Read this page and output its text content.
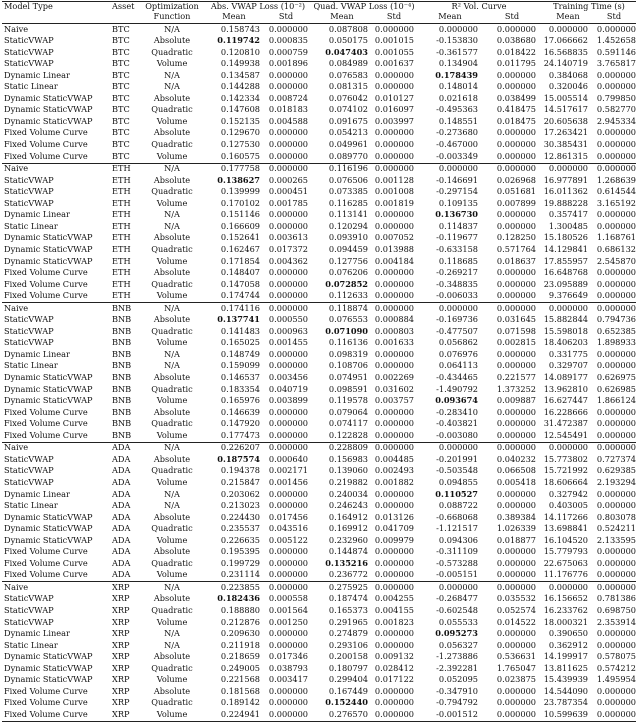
Model Type	Asset	Optimization
Function
Abs. VWAP Loss (10⁻²)	Quad. VWAP Loss (10⁻⁴)	R² Vol. Curve	Training Time (s)
Mean	Std	Mean	Std	Mean	Std	Mean	Std
Naive	BTC	N/A	0.158743	0.000000	0.087808 0.000000	0.000000	0.000000	0.000000	0.000000
StaticVWAP	BTC	Absolute	0.119742	0.000835	0.050175 0.001015	-0.153830	0.038680 17.066662	1.452658
StaticVWAP	BTC	Quadratic	0.120810	0.000759	0.047403 0.001055	-0.361577	0.018422 16.568835	0.591146
StaticVWAP	BTC	Volume	0.149938	0.001896	0.084989 0.001637	0.134904	0.011795 24.140719	3.765817
Dynamic Linear	BTC	N/A	0.134587	0.000000	0.076583 0.000000	0.178439	0.000000	0.384068	0.000000
Static Linear	BTC	N/A	0.144288	0.000000	0.081315 0.000000	0.148014	0.000000	0.320046	0.000000
Dynamic StaticVWAP BTC	Absolute	0.142334	0.008724	0.076042 0.010127	0.021618	0.038499 15.005514	0.799850
Dynamic StaticVWAP BTC	Quadratic	0.147608	0.018183	0.074102 0.016097	-0.495363	0.418475 14.517617	0.582770
Dynamic StaticVWAP BTC	Volume	0.152135	0.004588	0.091675 0.003997	0.148551	0.018475 20.605638	2.945334
Fixed Volume Curve	BTC	Absolute	0.129670	0.000000	0.054213 0.000000	-0.273680	0.000000 17.263421	0.000000
Fixed Volume Curve	BTC	Quadratic	0.127530	0.000000	0.049961 0.000000	-0.467000	0.000000 30.385431	0.000000
Fixed Volume Curve	BTC	Volume	0.160575	0.000000	0.089770 0.000000	-0.003349	0.000000 12.861315	0.000000
Naive	ETH	N/A	0.177758	0.000000	0.116196 0.000000	0.000000	0.000000	0.000000	0.000000
StaticVWAP	ETH	Absolute	0.138627	0.000265	0.076506 0.001128	-0.146691	0.026968 16.977891	1.268639
StaticVWAP	ETH	Quadratic	0.139999	0.000451	0.073385 0.001008	-0.297154	0.051681 16.011362	0.614544
StaticVWAP	ETH	Volume	0.170102	0.001785	0.116285 0.001819	0.109135	0.007899 19.888228	3.165192
Dynamic Linear	ETH	N/A	0.151146	0.000000	0.113141 0.000000	0.136730	0.000000	0.357417	0.000000
Static Linear	ETH	N/A	0.166609	0.000000	0.120294 0.000000	0.114837	0.000000	1.300485	0.000000
Dynamic StaticVWAP ETH	Absolute	0.152641	0.003613	0.093910 0.007052	-0.119677	0.128250 15.180526	1.168761
Dynamic StaticVWAP ETH	Quadratic	0.162467	0.017372	0.094459 0.013988	-0.633158	0.571764 14.129841	0.686132
Dynamic StaticVWAP ETH	Volume	0.171854	0.004362	0.127756 0.004184	0.118685	0.018637 17.855957	2.545870
Fixed Volume Curve	ETH	Absolute	0.148407	0.000000	0.076206 0.000000	-0.269217	0.000000 16.648768	0.000000
Fixed Volume Curve	ETH	Quadratic	0.147058	0.000000	0.072852 0.000000	-0.348835	0.000000 23.095889	0.000000
Fixed Volume Curve	ETH	Volume	0.174744	0.000000	0.112633 0.000000	-0.006033	0.000000	9.376649	0.000000
Naive	BNB	N/A	0.174116	0.000000	0.118874 0.000000	0.000000	0.000000	0.000000	0.000000
StaticVWAP	BNB	Absolute	0.137741	0.000550	0.076553 0.000884	-0.169736	0.031645 15.882844	0.794736
StaticVWAP	BNB	Quadratic	0.141483	0.000963	0.071090 0.000803	-0.477507	0.071598 15.598018	0.652385
StaticVWAP	BNB	Volume	0.165025	0.001455	0.116136 0.001633	0.056862	0.002815 18.406203	1.898933
Dynamic Linear	BNB	N/A	0.148749	0.000000	0.098319 0.000000	0.076976	0.000000	0.331775	0.000000
Static Linear	BNB	N/A	0.159099	0.000000	0.108706 0.000000	0.064113	0.000000	0.329707	0.000000
Dynamic StaticVWAP BNB	Absolute	0.146537	0.003456	0.074951 0.002269	-0.434465	0.221577 14.089177	0.626975
Dynamic StaticVWAP BNB	Quadratic	0.183354	0.040719	0.098591 0.031602	-1.490792	1.373252 13.962810	0.626985
Dynamic StaticVWAP BNB	Volume	0.165976	0.003899	0.119578 0.003757	0.093674	0.009887 16.627447	1.866124
Fixed Volume Curve	BNB	Absolute	0.146639	0.000000	0.079064 0.000000	-0.283410	0.000000 16.228666	0.000000
Fixed Volume Curve	BNB	Quadratic	0.147920	0.000000	0.074117 0.000000	-0.403821	0.000000 31.472387	0.000000
Fixed Volume Curve	BNB	Volume	0.177473	0.000000	0.122828 0.000000	-0.003080	0.000000 12.545491	0.000000
Naive	ADA	N/A	0.226207	0.000000	0.228809 0.000000	0.000000	0.000000	0.000000	0.000000
StaticVWAP	ADA	Absolute	0.187574	0.000640	0.156983 0.004485	-0.201991	0.040232 15.773802	0.727374
StaticVWAP	ADA	Quadratic	0.194378	0.002171	0.139060 0.002493	-0.503548	0.066508 15.721992	0.629385
StaticVWAP	ADA	Volume	0.215847	0.001456	0.219882 0.001882	0.094855	0.005418 18.606664	2.193294
Dynamic Linear	ADA	N/A	0.203062	0.000000	0.240034 0.000000	0.110527	0.000000	0.327942	0.000000
Static Linear	ADA	N/A	0.213023	0.000000	0.246243 0.000000	0.088722	0.000000	0.403005	0.000000
Dynamic StaticVWAP ADA	Absolute	0.224430	0.017456	0.164912 0.013126	-0.668068	0.389384 14.117266	0.803078
Dynamic StaticVWAP ADA	Quadratic	0.235537	0.043516	0.169912 0.041709	-1.121517	1.026339 13.698841	0.524211
Dynamic StaticVWAP ADA	Volume	0.226635	0.005122	0.232960 0.009979	0.094306	0.018877 16.104520	2.133595
Fixed Volume Curve	ADA	Absolute	0.195395	0.000000	0.144874 0.000000	-0.311109	0.000000 15.779793	0.000000
Fixed Volume Curve	ADA	Quadratic	0.199729	0.000000	0.135216 0.000000	-0.573288	0.000000 22.675063	0.000000
Fixed Volume Curve	ADA	Volume	0.231114	0.000000	0.236772 0.000000	-0.005151	0.000000 11.176776	0.000000
Naive	XRP	N/A	0.223855	0.000000	0.275925 0.000000	0.000000	0.000000	0.000000	0.000000
StaticVWAP	XRP	Absolute	0.182436	0.000558	0.187474 0.004255	-0.268477	0.035532 16.156652	0.781386
StaticVWAP	XRP	Quadratic	0.188880	0.001564	0.165373 0.004155	-0.602548	0.052574 16.233762	0.698750
StaticVWAP	XRP	Volume	0.212876	0.001250	0.291965 0.001823	0.055533	0.014522 18.000321	2.353914
Dynamic Linear	XRP	N/A	0.209630	0.000000	0.274879 0.000000	0.095273	0.000000	0.390650	0.000000
Static Linear	XRP	N/A	0.211918	0.000000	0.293106 0.000000	0.056327	0.000000	0.362912	0.000000
Dynamic StaticVWAP XRP	Absolute	0.218659	0.017346	0.200158 0.009132	-1.273886	0.536631 14.199917	0.578075
Dynamic StaticVWAP XRP	Quadratic	0.249005	0.038793	0.180797 0.028412	-2.392281	1.765047 13.811625	0.574212
Dynamic StaticVWAP XRP	Volume	0.221568	0.003417	0.299404 0.017122	0.052095	0.023875 15.439939	1.495954
Fixed Volume Curve	XRP	Absolute	0.181568	0.000000	0.167449 0.000000	-0.347910	0.000000 14.544090	0.000000
Fixed Volume Curve	XRP	Quadratic	0.189142	0.000000	0.152440 0.000000	-0.794792	0.000000 23.787354	0.000000
Fixed Volume Curve	XRP	Volume	0.224941	0.000000	0.276570 0.000000	-0.001512	0.000000 10.599639	0.000000
